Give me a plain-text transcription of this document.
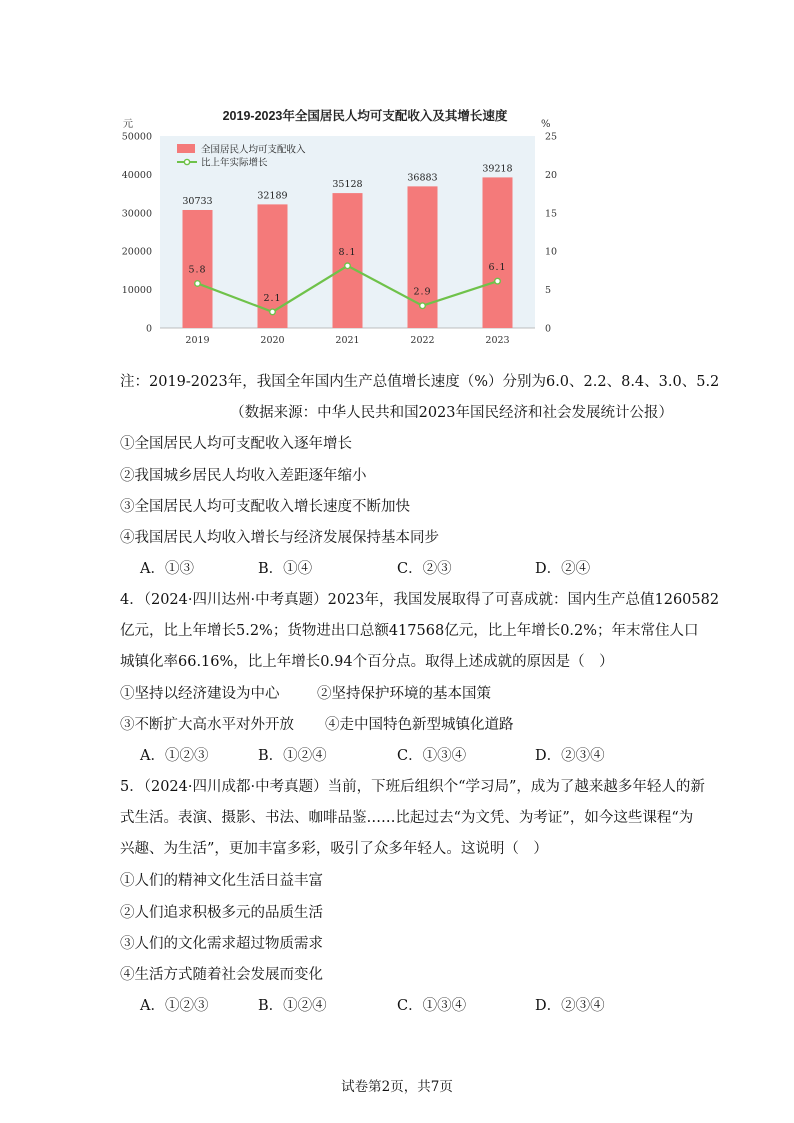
2019-2023年全国居民人均可支配收入及其增长速度
元	%
0
10000
20000
30000
40000
50000
0
5
10
15
20
25
30733
32189
35128
36883
39218
2019	2020	2021	2022	2023
5.8
2.1
8.1
2.9
6.1
全国居民人均可支配收入
比上年实际增长
注：2019-2023年，我国全年国内生产总值增长速度（%）分别为6.0、2.2、8.4、3.0、5.2
（数据来源：中华人民共和国2023年国民经济和社会发展统计公报）
①全国居民人均可支配收入逐年增长
②我国城乡居民人均收入差距逐年缩小
③全国居民人均可支配收入增长速度不断加快
④我国居民人均收入增长与经济发展保持基本同步
A．①③	B．①④	C．②③	D．②④
4．（2024·四川达州·中考真题）2023年，我国发展取得了可喜成就：国内生产总值1260582
亿元，比上年增长5.2%；货物进出口总额417568亿元，比上年增长0.2%；年末常住人口
城镇化率66.16%，比上年增长0.94个百分点。取得上述成就的原因是（　）
①坚持以经济建设为中心	②坚持保护环境的基本国策
③不断扩大高水平对外开放 ④走中国特色新型城镇化道路
A．①②③	B．①②④	C．①③④	D．②③④
5．（2024·四川成都·中考真题）当前，下班后组织个“学习局”，成为了越来越多年轻人的新
式生活。表演、摄影、书法、咖啡品鉴……比起过去“为文凭、为考证”，如今这些课程“为
兴趣、为生活”，更加丰富多彩，吸引了众多年轻人。这说明（　）
①人们的精神文化生活日益丰富
②人们追求积极多元的品质生活
③人们的文化需求超过物质需求
④生活方式随着社会发展而变化
A．①②③	B．①②④	C．①③④	D．②③④
试卷第2页，共7页
